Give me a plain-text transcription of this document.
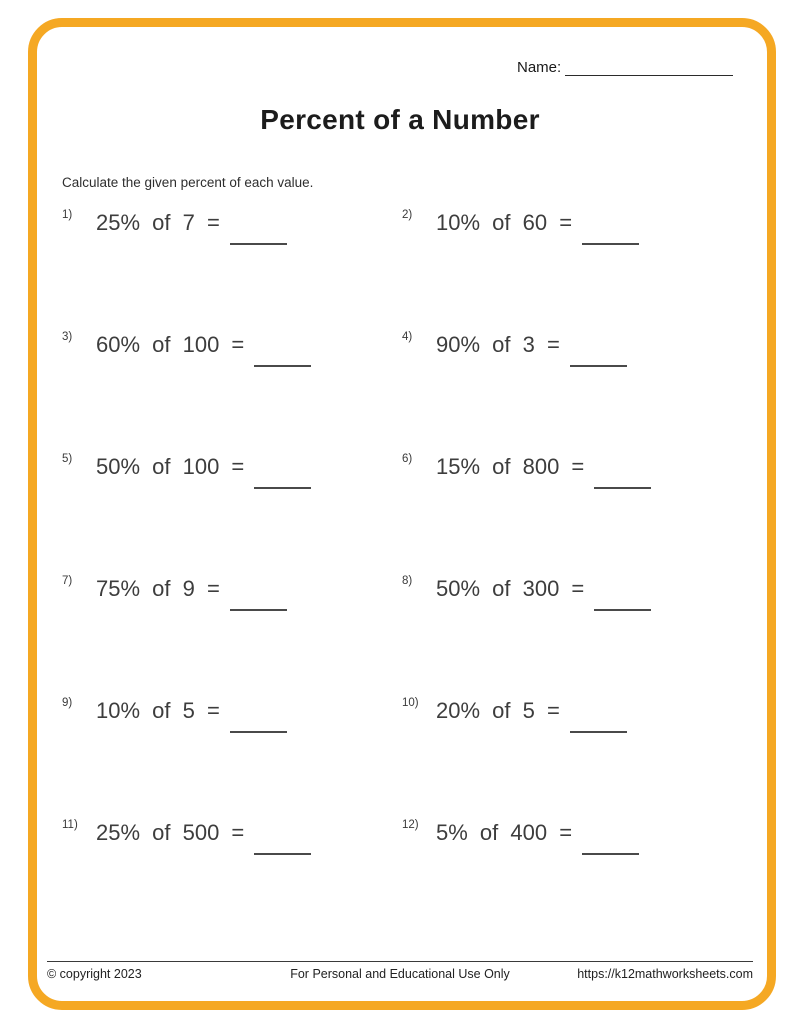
Name:
Percent of a Number
Calculate the given percent of each value.
1)	25% of 7 =	2)	10% of 60 =
3)	60% of 100 =	4)	90% of 3 =
5)	50% of 100 =	6)	15% of 800 =
7)	75% of 9 =	8)	50% of 300 =
9)	10% of 5 =	10) 20% of 5 =
11) 25% of 500 =	12) 5% of 400 =
© copyright 2023	For Personal and Educational Use Only	https://k12mathworksheets.com
